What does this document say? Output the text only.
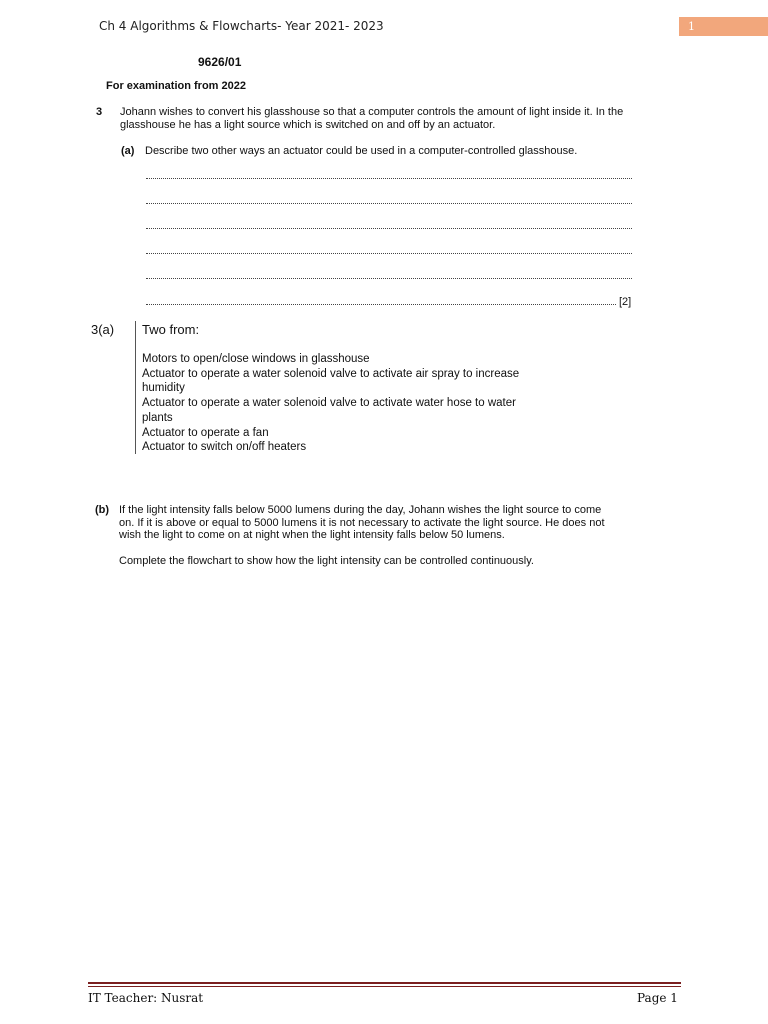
Ch 4 Algorithms & Flowcharts- Year 2021- 2023	1
9626/01
For examination from 2022
3 Johann wishes to convert his glasshouse so that a computer controls the amount of light inside it. In the glasshouse he has a light source which is switched on and off by an actuator.
(a) Describe two other ways an actuator could be used in a computer-controlled glasshouse.
[2]
3(a) Two from:
Motors to open/close windows in glasshouse
Actuator to operate a water solenoid valve to activate air spray to increase humidity
Actuator to operate a water solenoid valve to activate water hose to water plants
Actuator to operate a fan
Actuator to switch on/off heaters
(b) If the light intensity falls below 5000 lumens during the day, Johann wishes the light source to come on. If it is above or equal to 5000 lumens it is not necessary to activate the light source. He does not wish the light to come on at night when the light intensity falls below 50 lumens.
Complete the flowchart to show how the light intensity can be controlled continuously.
IT Teacher: Nusrat	Page 1
